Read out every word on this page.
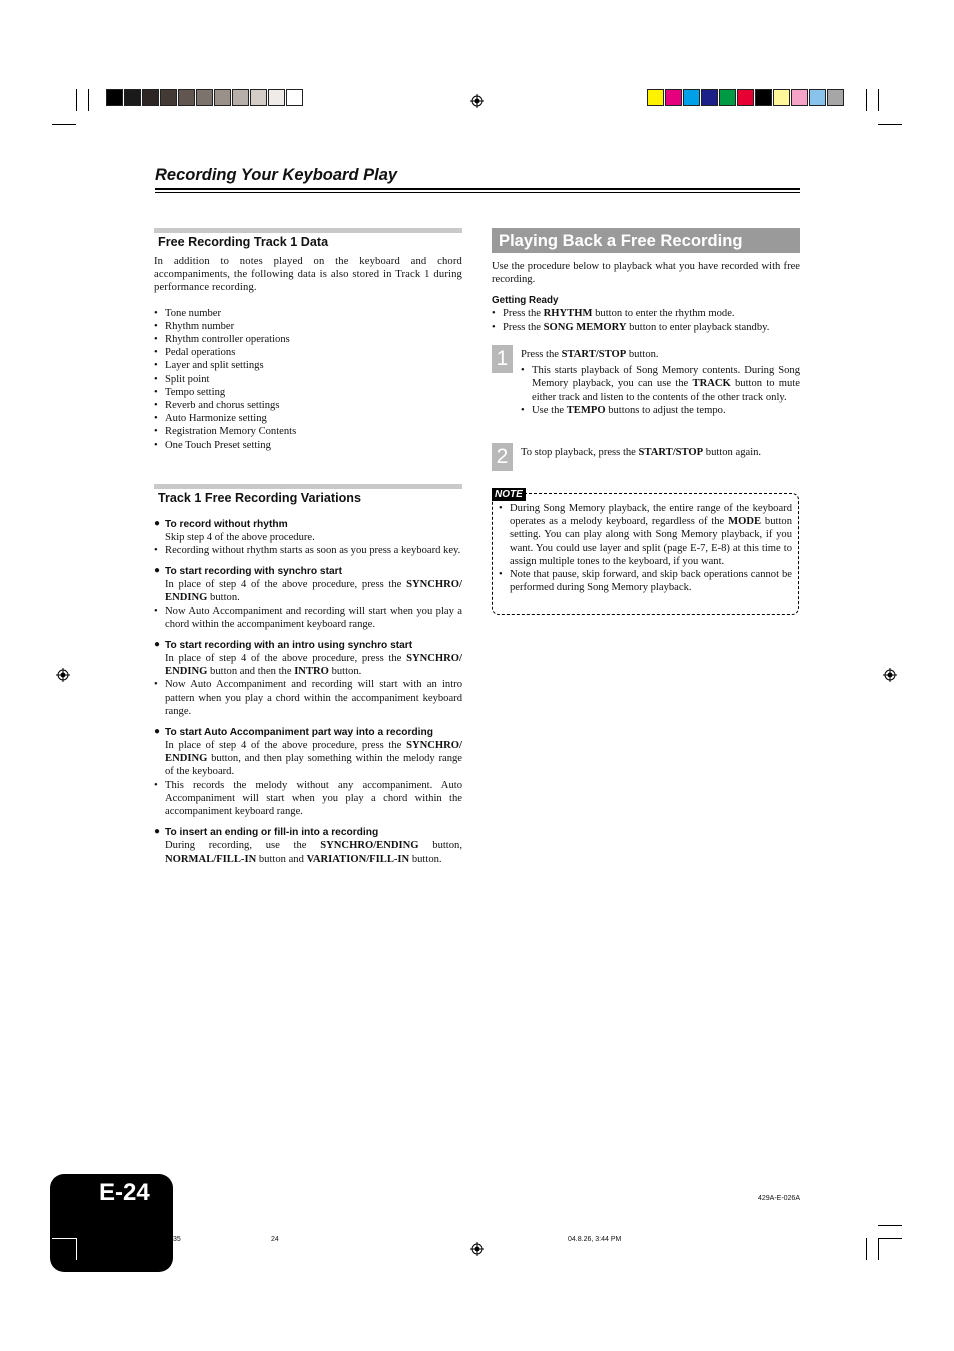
Recording Your Keyboard Play
Free Recording Track 1 Data
In addition to notes played on the keyboard and chord accompaniments, the following data is also stored in Track 1 during performance recording.
• Tone number
• Rhythm number
• Rhythm controller operations
• Pedal operations
• Layer and split settings
• Split point
• Tempo setting
• Reverb and chorus settings
• Auto Harmonize setting
• Registration Memory Contents
• One Touch Preset setting
Track 1 Free Recording Variations
● To record without rhythm
Skip step 4 of the above procedure.
• Recording without rhythm starts as soon as you press a keyboard key.
● To start recording with synchro start
In place of step 4 of the above procedure, press the SYNCHRO/ ENDING button.
• Now Auto Accompaniment and recording will start when you play a chord within the accompaniment keyboard range.
● To start recording with an intro using synchro start
In place of step 4 of the above procedure, press the SYNCHRO/ ENDING button and then the INTRO button.
• Now Auto Accompaniment and recording will start with an intro pattern when you play a chord within the accompaniment keyboard range.
● To start Auto Accompaniment part way into a recording
In place of step 4 of the above procedure, press the SYNCHRO/ ENDING button, and then play something within the melody range of the keyboard.
• This records the melody without any accompaniment. Auto Accompaniment will start when you play a chord within the accompaniment keyboard range.
● To insert an ending or fill-in into a recording
During recording, use the SYNCHRO/ENDING button, NORMAL/FILL-IN button and VARIATION/FILL-IN button.
Playing Back a Free Recording
Use the procedure below to playback what you have recorded with free recording.
Getting Ready
• Press the RHYTHM button to enter the rhythm mode.
• Press the SONG MEMORY button to enter playback standby.
1	Press the START/STOP button.
• This starts playback of Song Memory contents. During Song Memory playback, you can use the TRACK button to mute either track and listen to the contents of the other track only.
• Use the TEMPO buttons to adjust the tempo.
2	To stop playback, press the START/STOP button again.
NOTE
• During Song Memory playback, the entire range of the keyboard operates as a melody keyboard, regardless of the MODE button setting. You can play along with Song Memory playback, if you want. You could use layer and split (page E-7, E-8) at this time to assign multiple tones to the keyboard, if you want.
• Note that pause, skip forward, and skip back operations cannot be performed during Song Memory playback.
E-24	429A-E-026A
35	24	04.8.26, 3:44 PM
